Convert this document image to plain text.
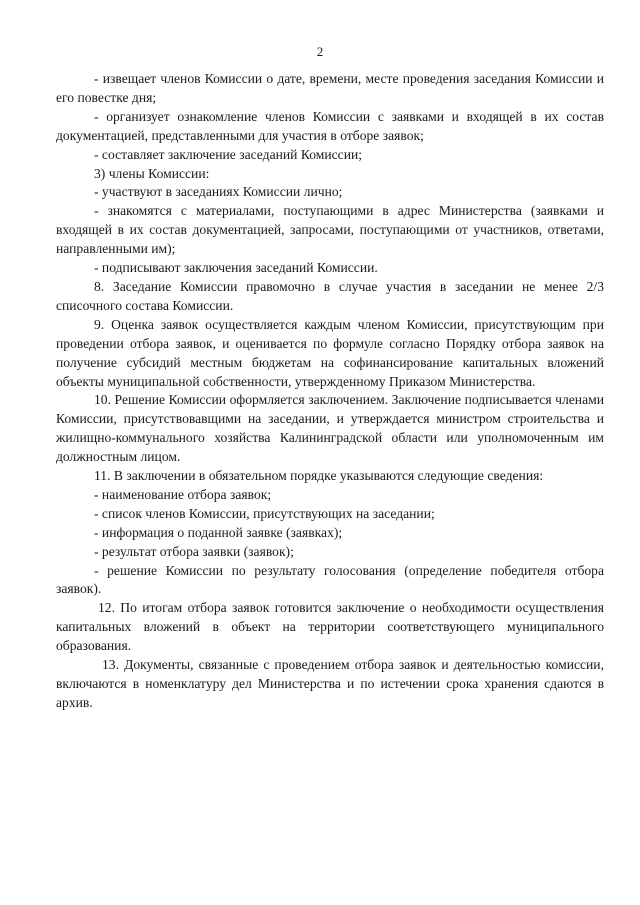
2

- извещает членов Комиссии о дате, времени, месте проведения заседания Комиссии и его повестке дня;

- организует ознакомление членов Комиссии с заявками и входящей в их состав документацией, представленными для участия в отборе заявок;

- составляет заключение заседаний Комиссии;

3) члены Комиссии:

- участвуют в заседаниях Комиссии лично;

- знакомятся с материалами, поступающими в адрес Министерства (заявками и входящей в их состав документацией, запросами, поступающими от участников, ответами, направленными им);

- подписывают заключения заседаний Комиссии.

8. Заседание Комиссии правомочно в случае участия в заседании не менее 2/3 списочного состава Комиссии.

9. Оценка заявок осуществляется каждым членом Комиссии, присутствующим при проведении отбора заявок, и оценивается по формуле согласно Порядку отбора заявок на получение субсидий местным бюджетам на софинансирование капитальных вложений объекты муниципальной собственности, утвержденному Приказом Министерства.

10. Решение Комиссии оформляется заключением. Заключение подписывается членами Комиссии, присутствовавщими на заседании, и утверждается министром строительства и жилищно-коммунального хозяйства Калининградской области или уполномоченным им должностным лицом.

11. В заключении в обязательном порядке указываются следующие сведения:

- наименование отбора заявок;

- список членов Комиссии, присутствующих на заседании;

- информация о поданной заявке (заявках);

- результат отбора заявки (заявок);

- решение Комиссии по результату голосования (определение победителя отбора заявок).

12. По итогам отбора заявок готовится заключение о необходимости осуществления капитальных вложений в объект на территории соответствующего муниципального образования.

13. Документы, связанные с проведением отбора заявок и деятельностью комиссии, включаются в номенклатуру дел Министерства и по истечении срока хранения сдаются в архив.
